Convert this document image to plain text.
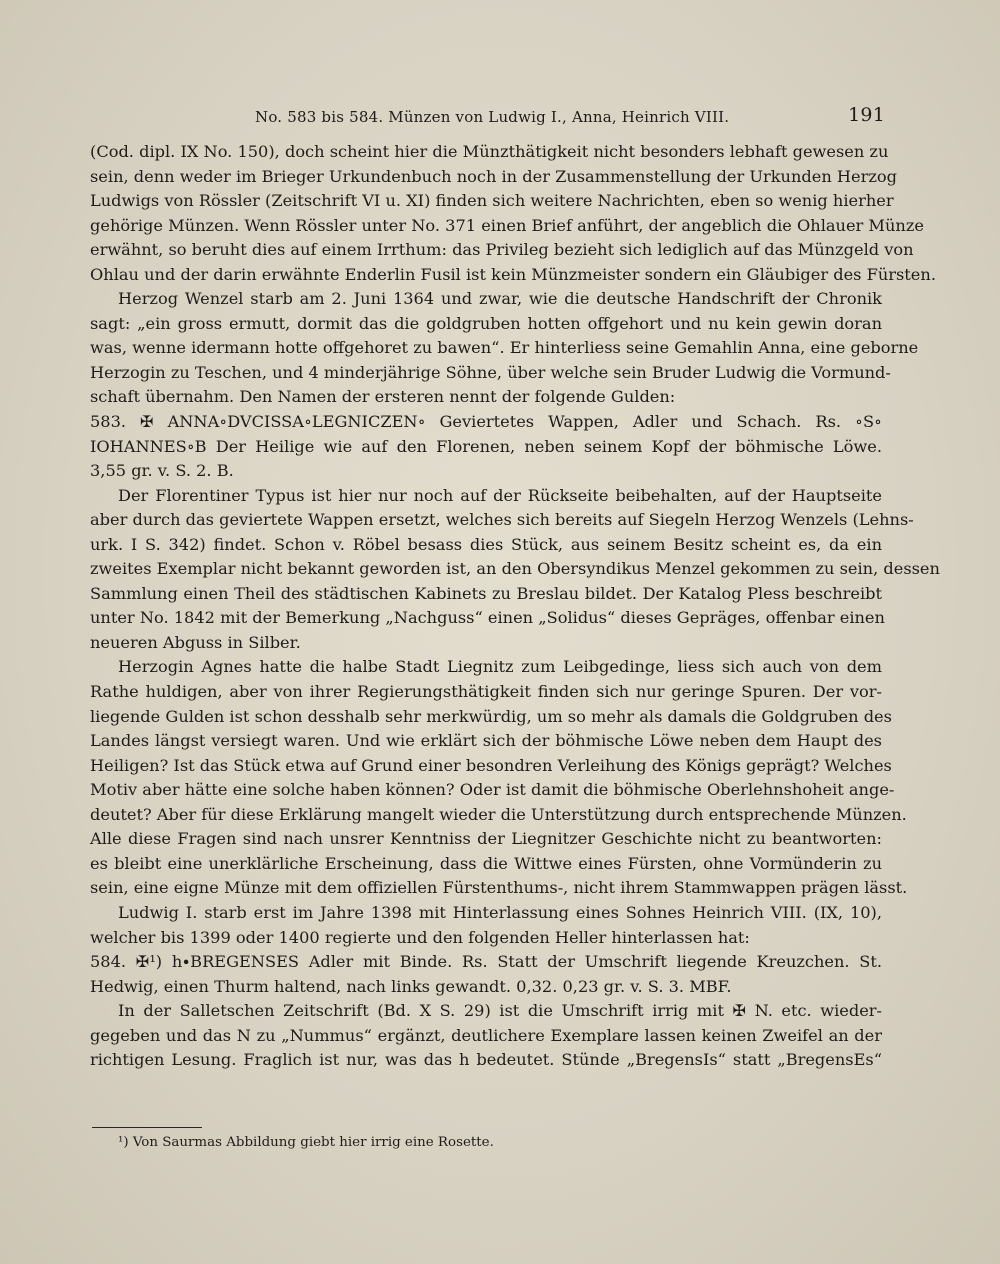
No. 583 bis 584. Münzen von Ludwig I., Anna, Heinrich VIII.	191
(Cod. dipl. IX No. 150), doch scheint hier die Münzthätigkeit nicht besonders lebhaft gewesen zu
sein, denn weder im Brieger Urkundenbuch noch in der Zusammenstellung der Urkunden Herzog
Ludwigs von Rössler (Zeitschrift VI u. XI) finden sich weitere Nachrichten, eben so wenig hierher
gehörige Münzen. Wenn Rössler unter No. 371 einen Brief anführt, der angeblich die Ohlauer Münze
erwähnt, so beruht dies auf einem Irrthum: das Privileg bezieht sich lediglich auf das Münzgeld von
Ohlau und der darin erwähnte Enderlin Fusil ist kein Münzmeister sondern ein Gläubiger des Fürsten.
Herzog Wenzel starb am 2. Juni 1364 und zwar, wie die deutsche Handschrift der Chronik
sagt: „ein gross ermutt, dormit das die goldgruben hotten offgehort und nu kein gewin doran
was, wenne idermann hotte offgehoret zu bawen“. Er hinterliess seine Gemahlin Anna, eine geborne
Herzogin zu Teschen, und 4 minderjährige Söhne, über welche sein Bruder Ludwig die Vormund-
schaft übernahm. Den Namen der ersteren nennt der folgende Gulden:
583. ✠ ANNA∘DVCISSA∘LEGNICZEN∘ Geviertetes Wappen, Adler und Schach. Rs. ∘S∘
IOHANNES∘B Der Heilige wie auf den Florenen, neben seinem Kopf der böhmische Löwe.
3,55 gr. v. S. 2. B.
Der Florentiner Typus ist hier nur noch auf der Rückseite beibehalten, auf der Hauptseite
aber durch das geviertete Wappen ersetzt, welches sich bereits auf Siegeln Herzog Wenzels (Lehns-
urk. I S. 342) findet. Schon v. Röbel besass dies Stück, aus seinem Besitz scheint es, da ein
zweites Exemplar nicht bekannt geworden ist, an den Obersyndikus Menzel gekommen zu sein, dessen
Sammlung einen Theil des städtischen Kabinets zu Breslau bildet. Der Katalog Pless beschreibt
unter No. 1842 mit der Bemerkung „Nachguss“ einen „Solidus“ dieses Gepräges, offenbar einen
neueren Abguss in Silber.
Herzogin Agnes hatte die halbe Stadt Liegnitz zum Leibgedinge, liess sich auch von dem
Rathe huldigen, aber von ihrer Regierungsthätigkeit finden sich nur geringe Spuren. Der vor-
liegende Gulden ist schon desshalb sehr merkwürdig, um so mehr als damals die Goldgruben des
Landes längst versiegt waren. Und wie erklärt sich der böhmische Löwe neben dem Haupt des
Heiligen? Ist das Stück etwa auf Grund einer besondren Verleihung des Königs geprägt? Welches
Motiv aber hätte eine solche haben können? Oder ist damit die böhmische Oberlehnshoheit ange-
deutet? Aber für diese Erklärung mangelt wieder die Unterstützung durch entsprechende Münzen.
Alle diese Fragen sind nach unsrer Kenntniss der Liegnitzer Geschichte nicht zu beantworten:
es bleibt eine unerklärliche Erscheinung, dass die Wittwe eines Fürsten, ohne Vormünderin zu
sein, eine eigne Münze mit dem offiziellen Fürstenthums-, nicht ihrem Stammwappen prägen lässt.
Ludwig I. starb erst im Jahre 1398 mit Hinterlassung eines Sohnes Heinrich VIII. (IX, 10),
welcher bis 1399 oder 1400 regierte und den folgenden Heller hinterlassen hat:
584. ✠¹) h∙BREGENSES Adler mit Binde. Rs. Statt der Umschrift liegende Kreuzchen. St.
Hedwig, einen Thurm haltend, nach links gewandt. 0,32. 0,23 gr. v. S. 3. MBF.
In der Salletschen Zeitschrift (Bd. X S. 29) ist die Umschrift irrig mit ✠ N. etc. wieder-
gegeben und das N zu „Nummus“ ergänzt, deutlichere Exemplare lassen keinen Zweifel an der
richtigen Lesung. Fraglich ist nur, was das h bedeutet. Stünde „BregensIs“ statt „BregensEs“
¹) Von Saurmas Abbildung giebt hier irrig eine Rosette.
